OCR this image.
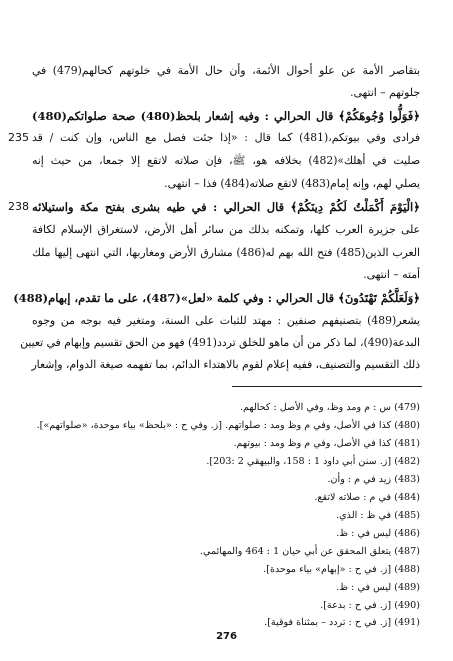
بتقاصر الأمة عن علو أحوال الأئمة، وأن حال الأمة في خلوتهم كحالهم(479) في
جلوتهم – انتهى.
﴿فَوَلُّوا وُجُوهَكُمْ﴾ قال الحرالي : وفيه إشعار بلحظ(480) صحة صلواتكم(480)
235 فرادى وفي بيوتكم،(481) كما قال : «إذا جئت فصل مع الناس، وإن كنت / قد
صليت في أهلك»(482) بخلافه هو، ﷺ، فإن صلاته لاتقع إلا جمعا، من حيث إنه
يصلي لهم، وإنه إمام(483) لاتقع صلاته(484) فذا – انتهى.
238 ﴿الْيَوْمَ أَكْمَلْتُ لَكُمْ دِينَكُمْ﴾ قال الحرالي : في طيه بشرى بفتح مكة واستيلائه
على جزيرة العرب كلها، وتمكنه بذلك من سائر أهل الأرض، لاستغراق الإسلام لكافة
العرب الذين(485) فتح الله بهم له(486) مشارق الأرض ومغاربها، التي انتهى إليها ملك
أمته – انتهى.
﴿وَلَعَلَّكُمْ تَهْتَدُونَ﴾ قال الحرالي : وفي كلمة «لعل»(487)، على ما تقدم، إبهام(488)
يشعر(489) بتصنيفهم صنفين : مهتد للثبات على السنة، ومتغير فيه بوجه من وجوه
البدعة(490)، لما ذكر من أن ماهو للخلق تردد(491) فهو من الحق تقسيم وإبهام في تعيين
ذلك التقسيم والتصنيف، ففيه إعلام لقوم بالاهتداء الدائم، بما تفهمه صيغة الدوام، وإشعار
(479) س : م ومد وظ، وفي الأصل : كحالهم.
(480) كذا في الأصل، وفي م وظ ومد : صلواتهم. [ز. وفي ح : «بلحظ» بياء موحدة، «صلواتهم»].
(481) كذا في الأصل، وفي م وظ ومد : بيوتهم.
(482) [ز. سنن أبي داود 1 : 158، والبيهقي 2 :203].
(483) زيد في م : وأن.
(484) في م : صلاته لاتقع.
(485) في ظ : الذي.
(486) ليس في : ظ.
(487) يتعلق المحقق عن أبي حيان 1 : 464 والمهائمي.
(488) [ز. في ح : «إبهام» بياء موحدة].
(489) ليس في : ظ.
(490) [ز. في ح : بدعة].
(491) [ز. في ح : تردد – بمثناة فوقية].
276
